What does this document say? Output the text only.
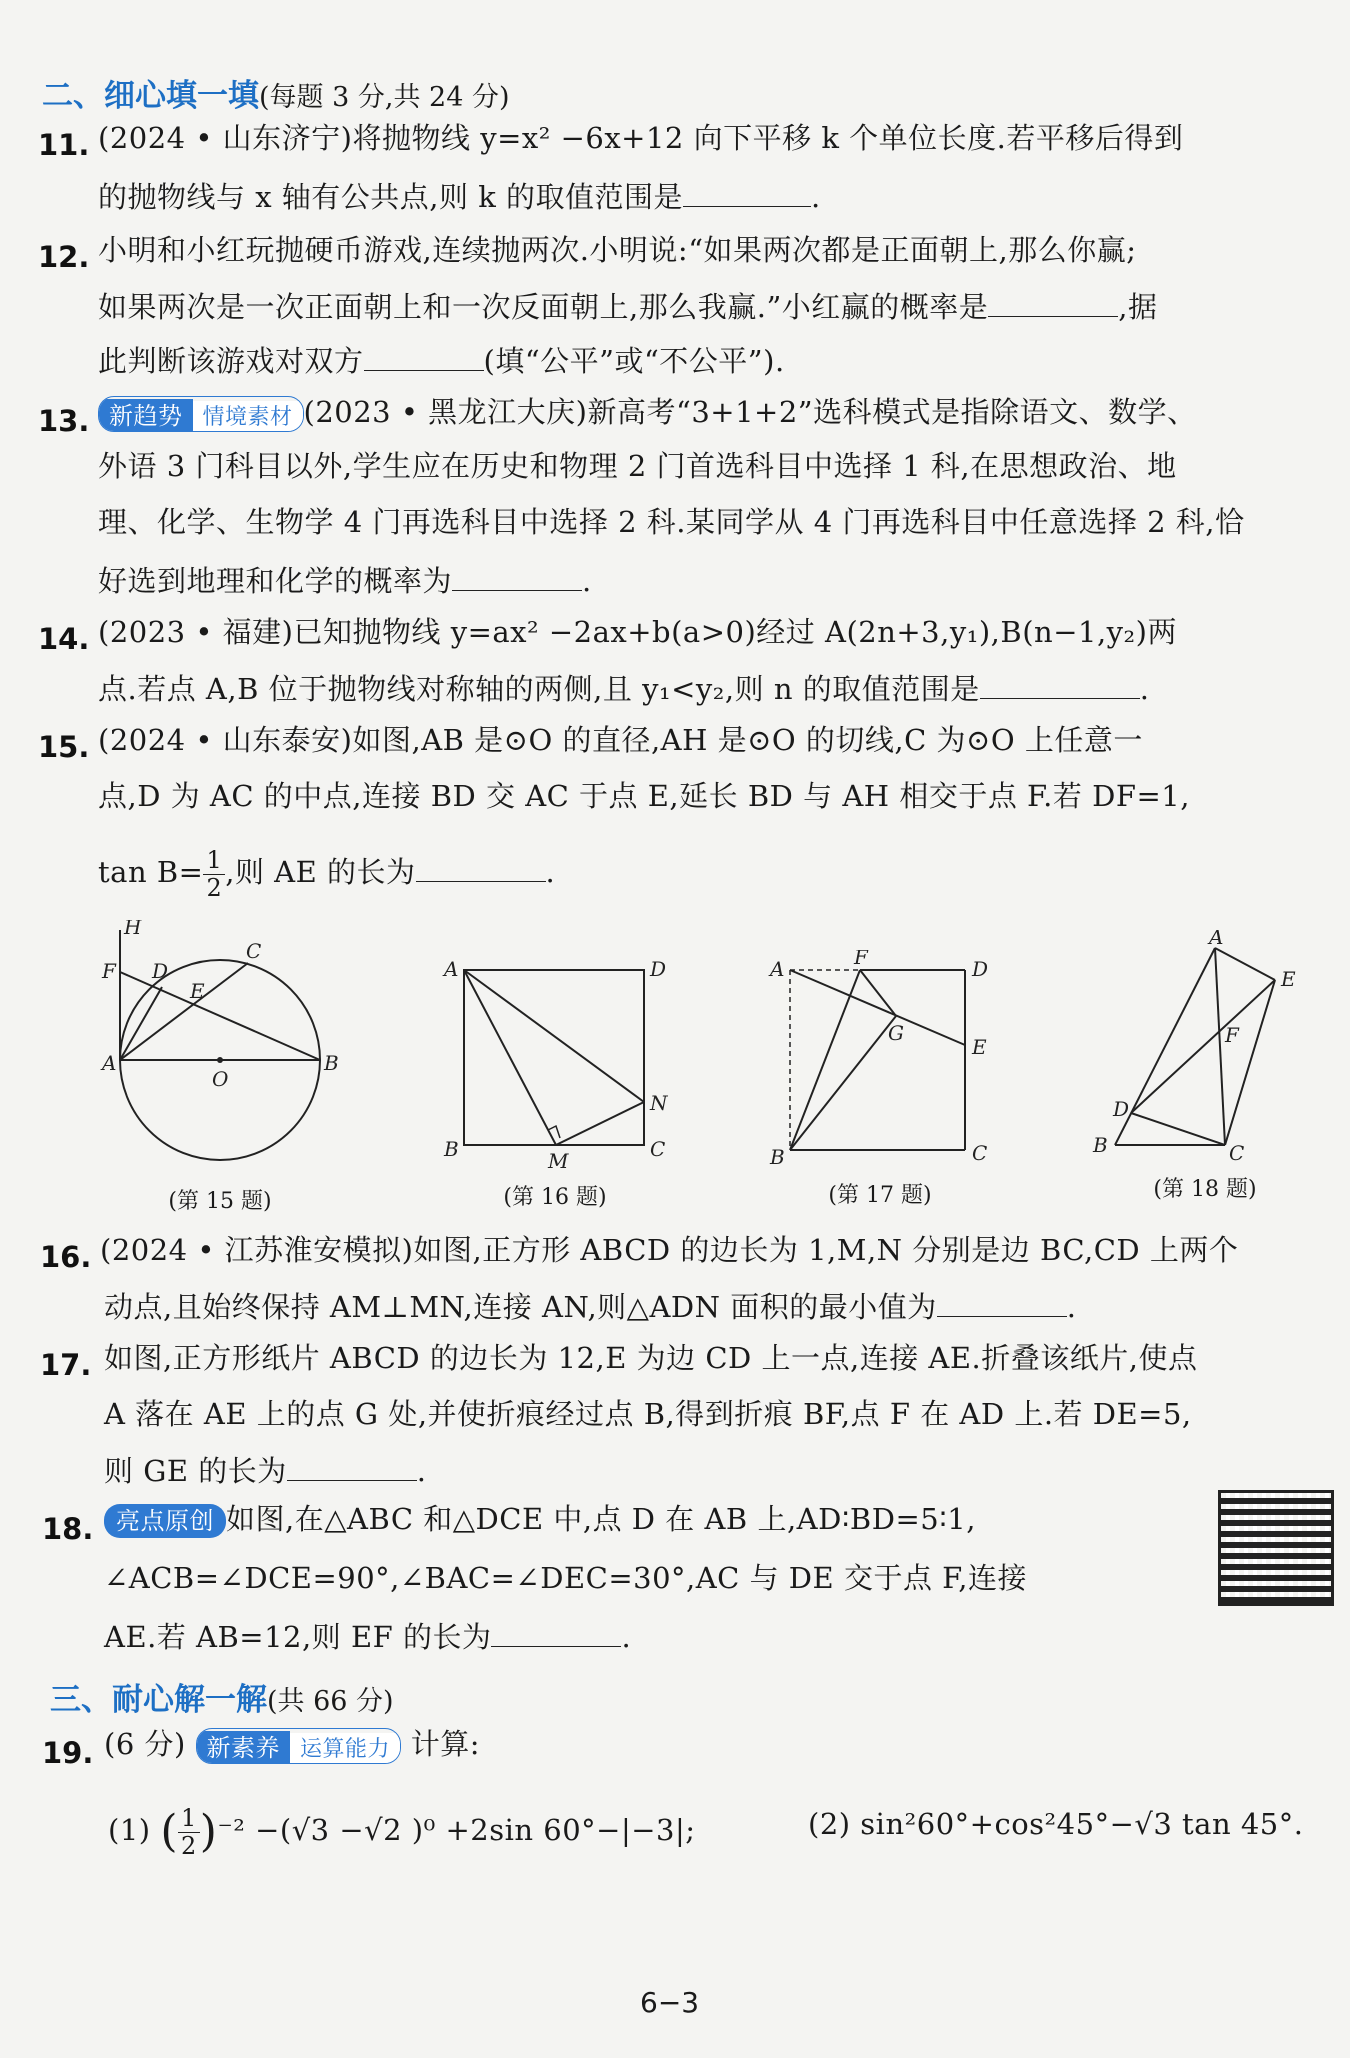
二、细心填一填(每题 3 分,共 24 分)
11. (2024 • 山东济宁)将抛物线 y=x² −6x+12 向下平移 k 个单位长度.若平移后得到
的抛物线与 x 轴有公共点,则 k 的取值范围是	.
12. 小明和小红玩抛硬币游戏,连续抛两次.小明说:“如果两次都是正面朝上,那么你赢;
如果两次是一次正面朝上和一次反面朝上,那么我赢.”小红赢的概率是	,据
此判断该游戏对双方	(填“公平”或“不公平”).
13. 新趋势 情境素材 (2023 • 黑龙江大庆)新高考“3+1+2”选科模式是指除语文、数学、
外语 3 门科目以外,学生应在历史和物理 2 门首选科目中选择 1 科,在思想政治、地
理、化学、生物学 4 门再选科目中选择 2 科.某同学从 4 门再选科目中任意选择 2 科,恰
好选到地理和化学的概率为	.
14. (2023 • 福建)已知抛物线 y=ax² −2ax+b(a>0)经过 A(2n+3,y₁),B(n−1,y₂)两
点.若点 A,B 位于抛物线对称轴的两侧,且 y₁<y₂,则 n 的取值范围是	.
15. (2024 • 山东泰安)如图,AB 是⊙O 的直径,AH 是⊙O 的切线,C 为⊙O 上任意一
点,D 为 AC 的中点,连接 BD 交 AC 于点 E,延长 BD 与 AH 相交于点 F.若 DF=1,
$\tan B= \frac{1}{2}$ ,则 AE 的长为	.
H
F D
C
E
A
O
B
(第 15 题)
A	D
N
B	M	C
(第 16 题)
A	F	D
G
E
B	C
(第 17 题)
A
E
F
D
B	C
(第 18 题)
16. (2024 • 江苏淮安模拟)如图,正方形 ABCD 的边长为 1,M,N 分别是边 BC,CD 上两个
动点,且始终保持 AM⊥MN,连接 AN,则△ADN 面积的最小值为	.
17. 如图,正方形纸片 ABCD 的边长为 12,E 为边 CD 上一点,连接 AE.折叠该纸片,使点
A 落在 AE 上的点 G 处,并使折痕经过点 B,得到折痕 BF,点 F 在 AD 上.若 DE=5,
则 GE 的长为	.
18. 亮点原创 如图,在△ABC 和△DCE 中,点 D 在 AB 上,AD∶BD=5∶1,
∠ACB=∠DCE=90°,∠BAC=∠DEC=30°,AC 与 DE 交于点 F,连接
AE.若 AB=12,则 EF 的长为	.
三、耐心解一解(共 66 分)
19. (6 分) 新素养 运算能力 计算:
(1) ( $\frac{1}{2} )^{-2} -(√3 -√2$ )⁰ +2sin 60°−|−3|;	(2) sin²60°+cos²45°−√3 tan 45°.
6−3
